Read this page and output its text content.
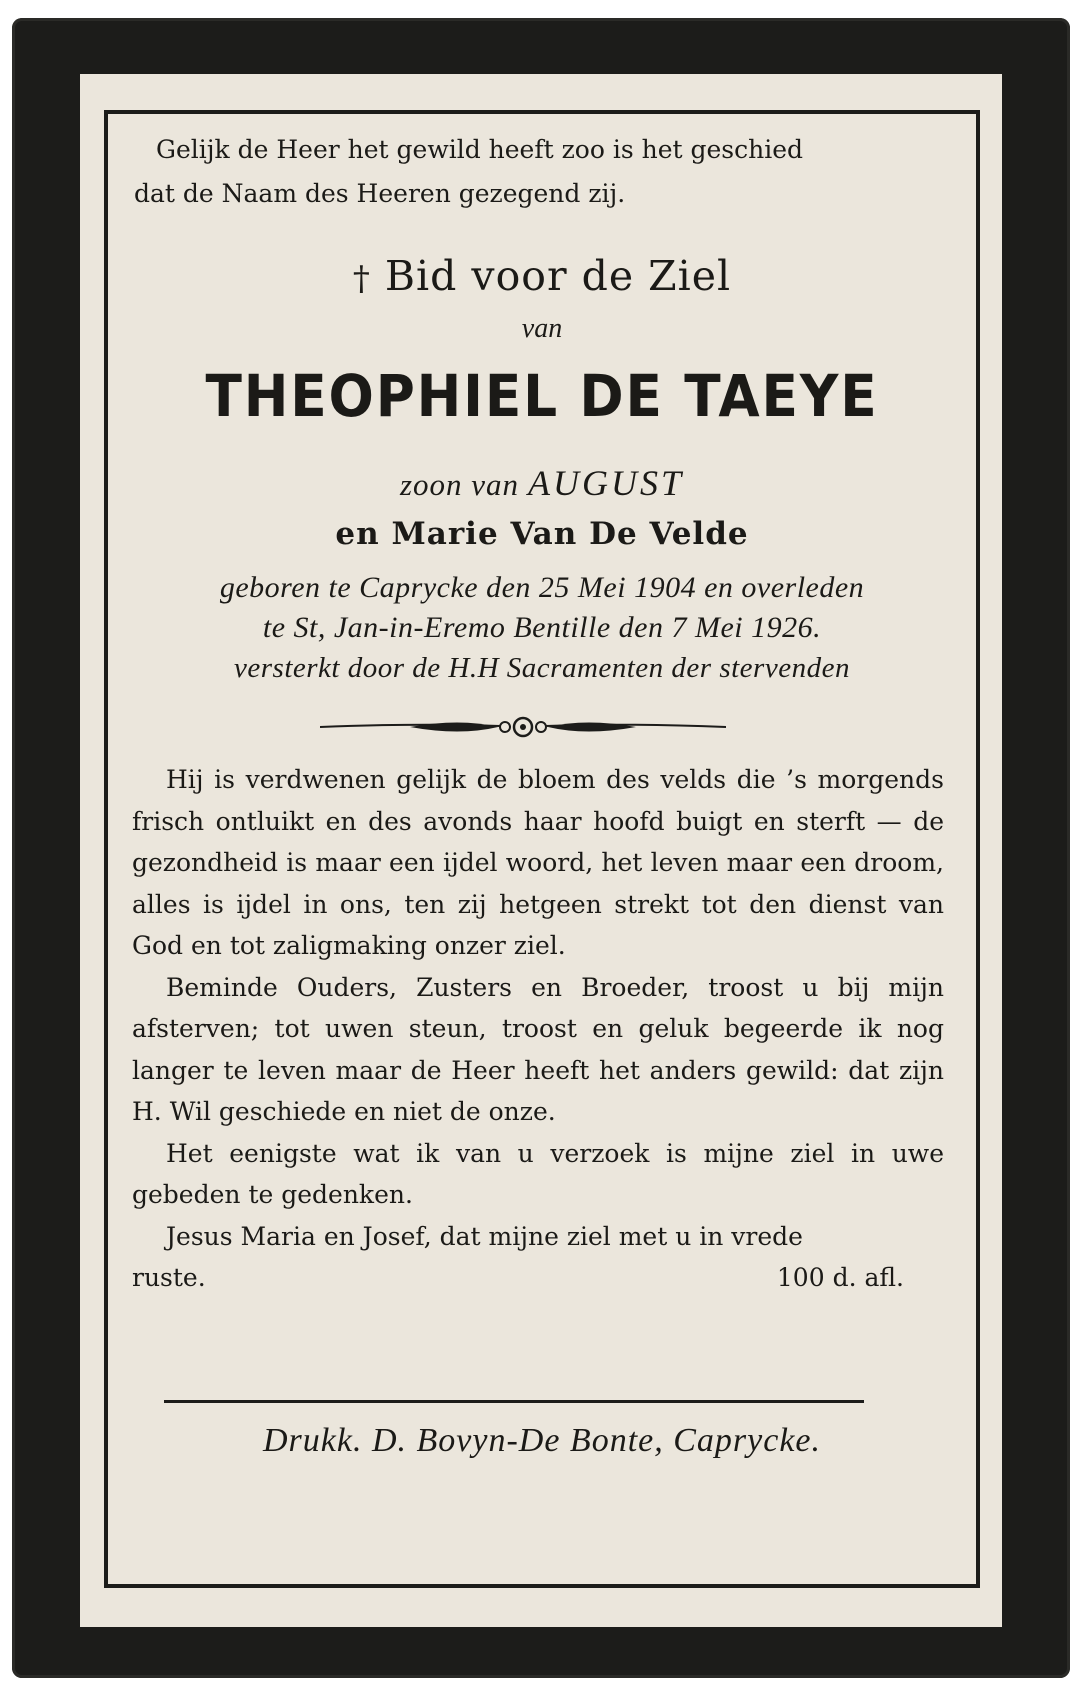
Gelijk de Heer het gewild heeft zoo is het geschied
dat de Naam des Heeren gezegend zij.
† Bid voor de Ziel
van
THEOPHIEL DE TAEYE
zoon van AUGUST
en Marie Van De Velde
geboren te Caprycke den 25 Mei 1904 en overleden
te St, Jan-in-Eremo Bentille den 7 Mei 1926.
versterkt door de H.H Sacramenten der stervenden

Hij is verdwenen gelijk de bloem des velds die ’s morgends frisch ontluikt en des avonds haar hoofd buigt en sterft — de gezondheid is maar een ijdel woord, het leven maar een droom, alles is ijdel in ons, ten zij hetgeen strekt tot den dienst van God en tot zaligmaking onzer ziel.

Beminde Ouders, Zusters en Broeder, troost u bij mijn afsterven; tot uwen steun, troost en geluk begeerde ik nog langer te leven maar de Heer heeft het anders gewild: dat zijn H. Wil geschiede en niet de onze.

Het eenigste wat ik van u verzoek is mijne ziel in uwe gebeden te gedenken.

Jesus Maria en Josef, dat mijne ziel met u in vrede

ruste.	100 d. afl.
Drukk. D. Bovyn-De Bonte, Caprycke.
